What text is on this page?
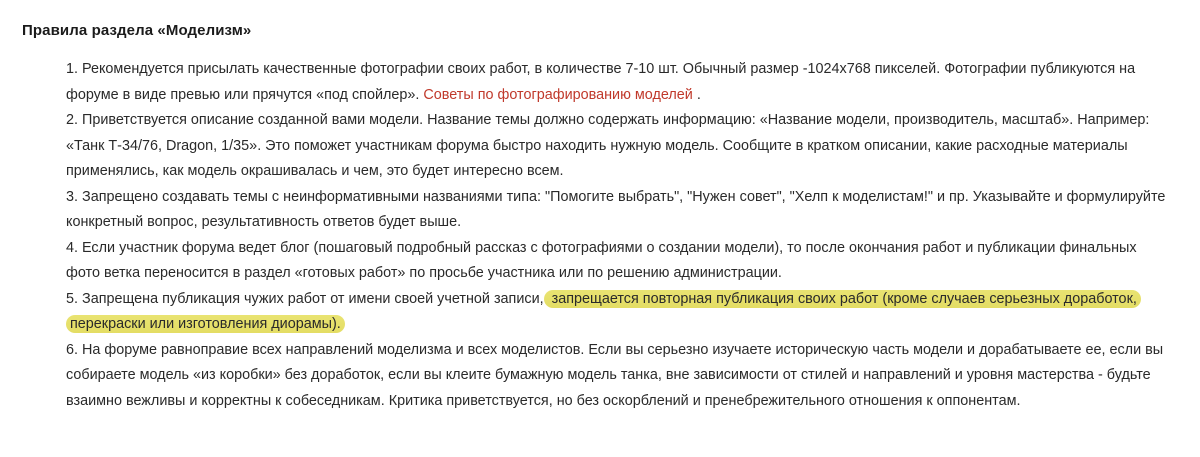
Правила раздела «Моделизм»

1. Рекомендуется присылать качественные фотографии своих работ, в количестве 7-10 шт. Обычный размер -1024х768 пикселей. Фотографии публикуются на форуме в виде превью или прячутся «под спойлер». Советы по фотографированию моделей .

2. Приветствуется описание созданной вами модели. Название темы должно содержать информацию: «Название модели, производитель, масштаб». Например: «Танк Т-34/76, Dragon, 1/35». Это поможет участникам форума быстро находить нужную модель. Сообщите в кратком описании, какие расходные материалы применялись, как модель окрашивалась и чем, это будет интересно всем.

3. Запрещено создавать темы с неинформативными названиями типа: "Помогите выбрать", "Нужен совет", "Хелп к моделистам!" и пр. Указывайте и формулируйте конкретный вопрос, результативность ответов будет выше.

4. Если участник форума ведет блог (пошаговый подробный рассказ с фотографиями о создании модели), то после окончания работ и публикации финальных фото ветка переносится в раздел «готовых работ» по просьбе участника или по решению администрации.

5. Запрещена публикация чужих работ от имени своей учетной записи, запрещается повторная публикация своих работ (кроме случаев серьезных доработок, перекраски или изготовления диорамы).

6. На форуме равноправие всех направлений моделизма и всех моделистов. Если вы серьезно изучаете историческую часть модели и дорабатываете ее, если вы собираете модель «из коробки» без доработок, если вы клеите бумажную модель танка, вне зависимости от стилей и направлений и уровня мастерства - будьте взаимно вежливы и корректны к собеседникам. Критика приветствуется, но без оскорблений и пренебрежительного отношения к оппонентам.
